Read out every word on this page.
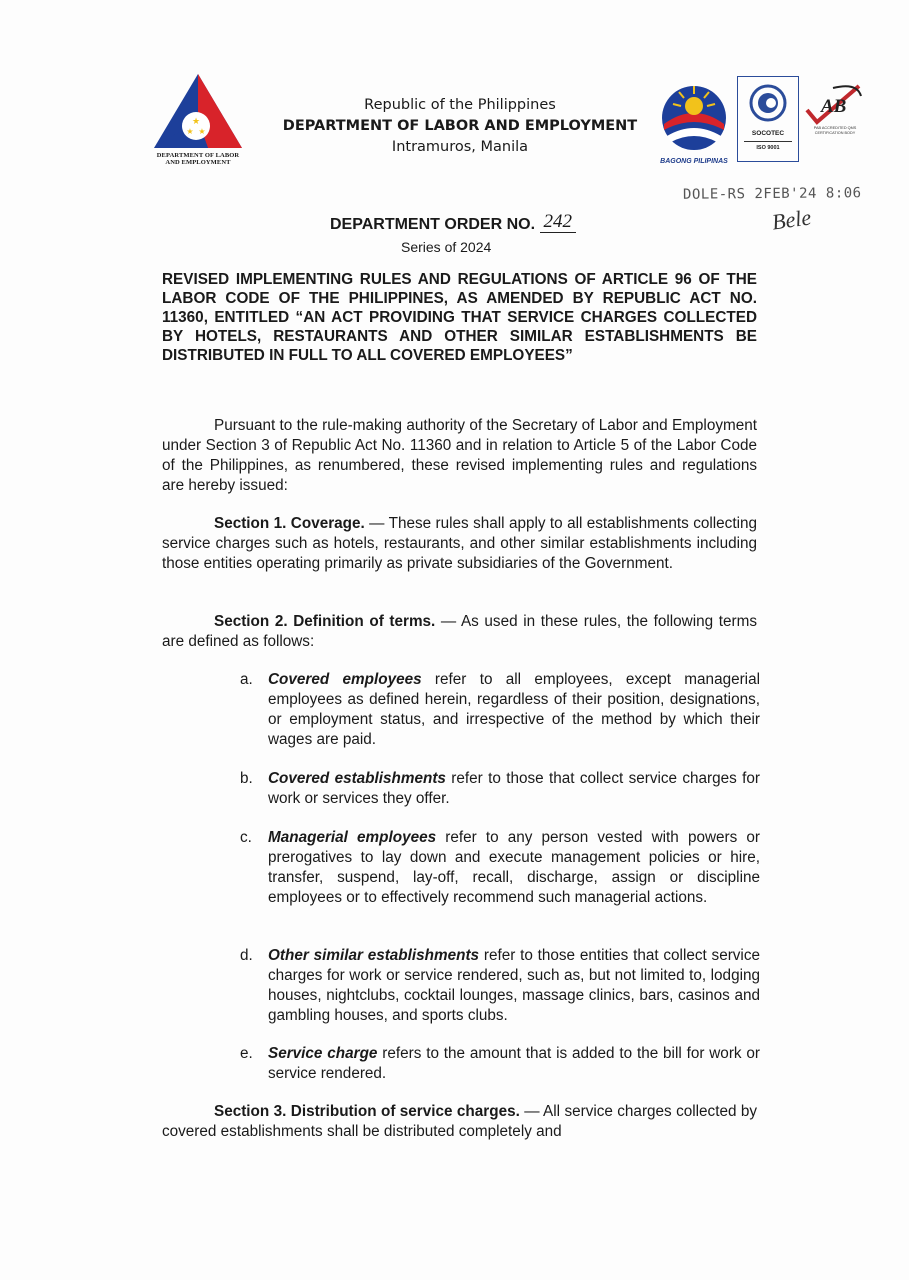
★
★ ★
DEPARTMENT OF LABOR
AND EMPLOYMENT
Republic of the Philippines
DEPARTMENT OF LABOR AND EMPLOYMENT
Intramuros, Manila
BAGONG PILIPINAS
SOCOTEC
ISO 9001
AB
PAB ACCREDITED QMS CERTIFICATION BODY
DOLE-RS 2FEB'24 8:06
Bele
DEPARTMENT ORDER NO. 242
Series of 2024
REVISED IMPLEMENTING RULES AND REGULATIONS OF ARTICLE 96 OF THE LABOR CODE OF THE PHILIPPINES, AS AMENDED BY REPUBLIC ACT NO. 11360, ENTITLED “AN ACT PROVIDING THAT SERVICE CHARGES COLLECTED BY HOTELS, RESTAURANTS AND OTHER SIMILAR ESTABLISHMENTS BE DISTRIBUTED IN FULL TO ALL COVERED EMPLOYEES”
Pursuant to the rule-making authority of the Secretary of Labor and Employment under Section 3 of Republic Act No. 11360 and in relation to Article 5 of the Labor Code of the Philippines, as renumbered, these revised implementing rules and regulations are hereby issued:
Section 1. Coverage. — These rules shall apply to all establishments collecting service charges such as hotels, restaurants, and other similar establishments including those entities operating primarily as private subsidiaries of the Government.
Section 2. Definition of terms. — As used in these rules, the following terms are defined as follows:
a. Covered employees refer to all employees, except managerial employees as defined herein, regardless of their position, designations, or employment status, and irrespective of the method by which their wages are paid.
b. Covered establishments refer to those that collect service charges for work or services they offer.
c.	Managerial employees refer to any person vested with powers or prerogatives to lay down and execute management policies or hire, transfer, suspend, lay-off, recall, discharge, assign or discipline employees or to effectively recommend such managerial actions.
d. Other similar establishments refer to those entities that collect service charges for work or service rendered, such as, but not limited to, lodging houses, nightclubs, cocktail lounges, massage clinics, bars, casinos and gambling houses, and sports clubs.
e. Service charge refers to the amount that is added to the bill for work or service rendered.
Section 3. Distribution of service charges. — All service charges collected by covered establishments shall be distributed completely and
